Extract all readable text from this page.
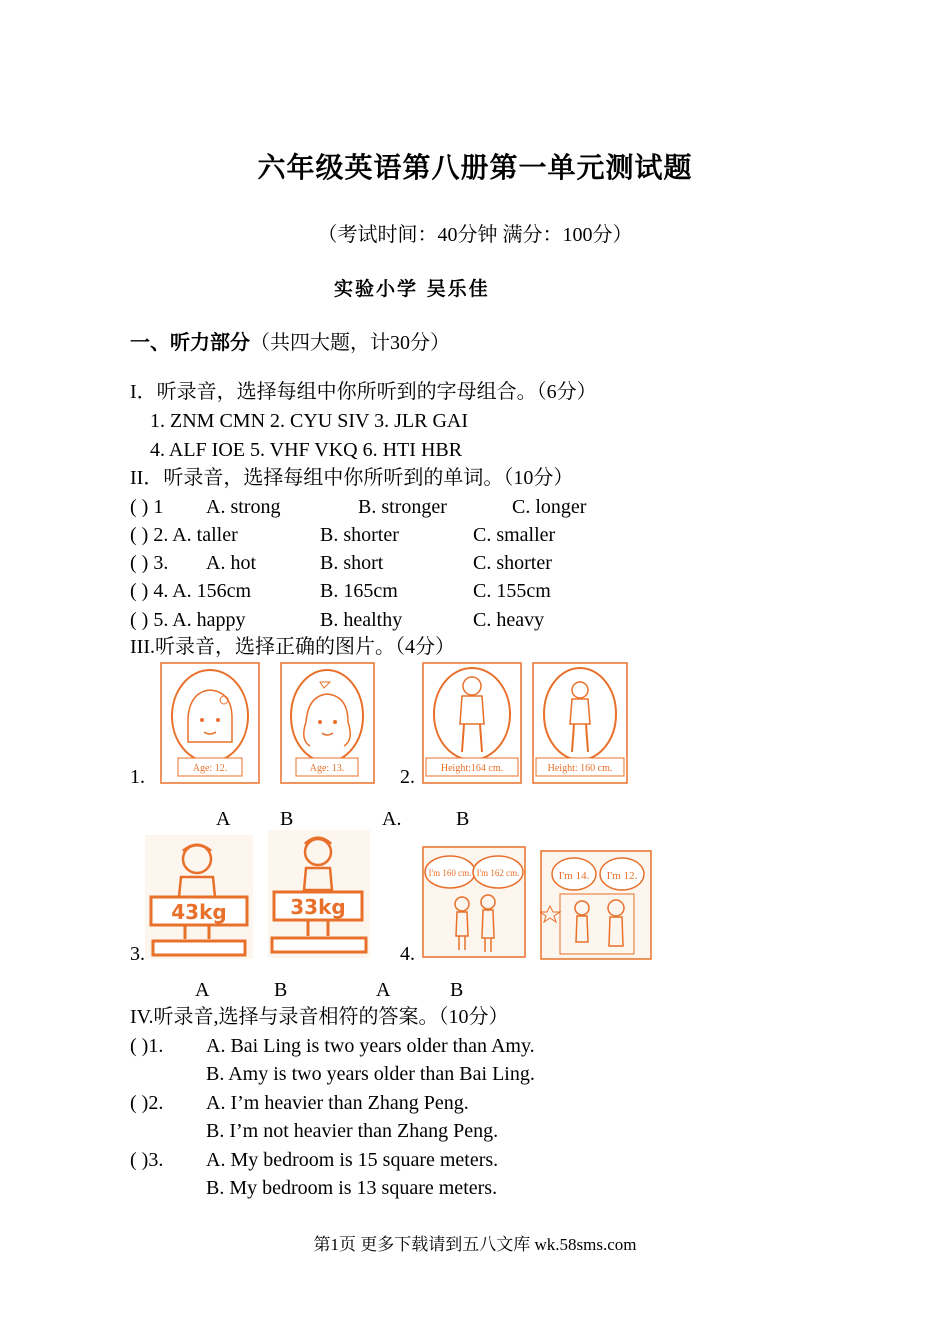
六年级英语第八册第一单元测试题
（考试时间：40分钟 满分：100分）
实验小学 吴乐佳
一、听力部分（共四大题，计30分）
I．听录音，选择每组中你所听到的字母组合。（6分）
1. ZNM CMN 2. CYU SIV 3. JLR GAI
4. ALF IOE 5. VHF VKQ 6. HTI HBR
II．听录音，选择每组中你所听到的单词。（10分）
( ) 1 A. strong	B. stronger	C. longer
( ) 2. A. taller	B. shorter	C. smaller
( ) 3. A. hot	B. short	C. shorter
( ) 4. A. 156cm	B. 165cm	C. 155cm
( ) 5. A. happy	B. healthy	C. heavy
III.听录音，选择正确的图片。（4分）
1.	2.
Age: 12.	Age: 13.	Height:164 cm.	Height: 160 cm.
A B	A.	B
3.	4.
43kg	33kg
I'm 160 cm. I'm 162 cm.	I'm 14. I'm 12.
A	B	A	B
IV.听录音,选择与录音相符的答案。（10分）
( )1. A. Bai Ling is two years older than Amy.
B. Amy is two years older than Bai Ling.
( )2. A. I’m heavier than Zhang Peng.
B. I’m not heavier than Zhang Peng.
( )3. A. My bedroom is 15 square meters.
B. My bedroom is 13 square meters.
第1页 更多下载请到五八文库 wk.58sms.com
